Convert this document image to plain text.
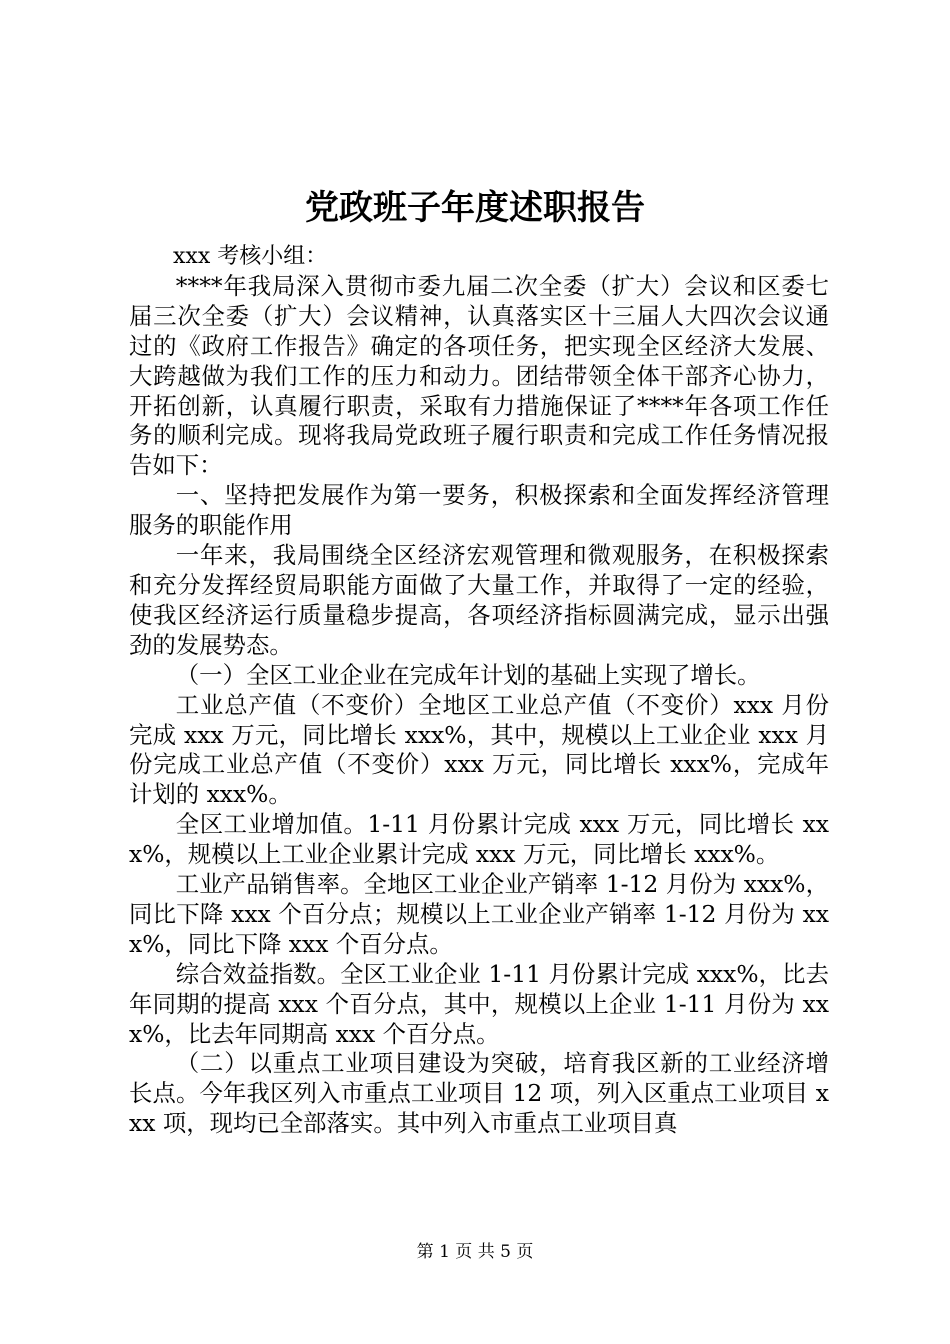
党政班子年度述职报告

xxx 考核小组：

****年我局深入贯彻市委九届二次全委（扩大）会议和区委七届三次全委（扩大）会议精神，认真落实区十三届人大四次会议通过的《政府工作报告》确定的各项任务，把实现全区经济大发展、大跨越做为我们工作的压力和动力。团结带领全体干部齐心协力，开拓创新，认真履行职责，采取有力措施保证了****年各项工作任务的顺利完成。现将我局党政班子履行职责和完成工作任务情况报告如下：

一、坚持把发展作为第一要务，积极探索和全面发挥经济管理服务的职能作用

一年来，我局围绕全区经济宏观管理和微观服务，在积极探索和充分发挥经贸局职能方面做了大量工作，并取得了一定的经验，使我区经济运行质量稳步提高，各项经济指标圆满完成，显示出强劲的发展势态。

（一）全区工业企业在完成年计划的基础上实现了增长。

工业总产值（不变价）全地区工业总产值（不变价）xxx 月份完成 xxx 万元，同比增长 xxx%，其中，规模以上工业企业 xxx 月份完成工业总产值（不变价）xxx 万元，同比增长 xxx%，完成年计划的 xxx%。

全区工业增加值。1-11 月份累计完成 xxx 万元，同比增长 xxx%，规模以上工业企业累计完成 xxx 万元，同比增长 xxx%。

工业产品销售率。全地区工业企业产销率 1-12 月份为 xxx%，同比下降 xxx 个百分点；规模以上工业企业产销率 1-12 月份为 xxx%，同比下降 xxx 个百分点。

综合效益指数。全区工业企业 1-11 月份累计完成 xxx%，比去年同期的提高 xxx 个百分点，其中，规模以上企业 1-11 月份为 xxx%，比去年同期高 xxx 个百分点。

（二）以重点工业项目建设为突破，培育我区新的工业经济增长点。今年我区列入市重点工业项目 12 项，列入区重点工业项目 xxx 项，现均已全部落实。其中列入市重点工业项目真

第 1 页 共 5 页
